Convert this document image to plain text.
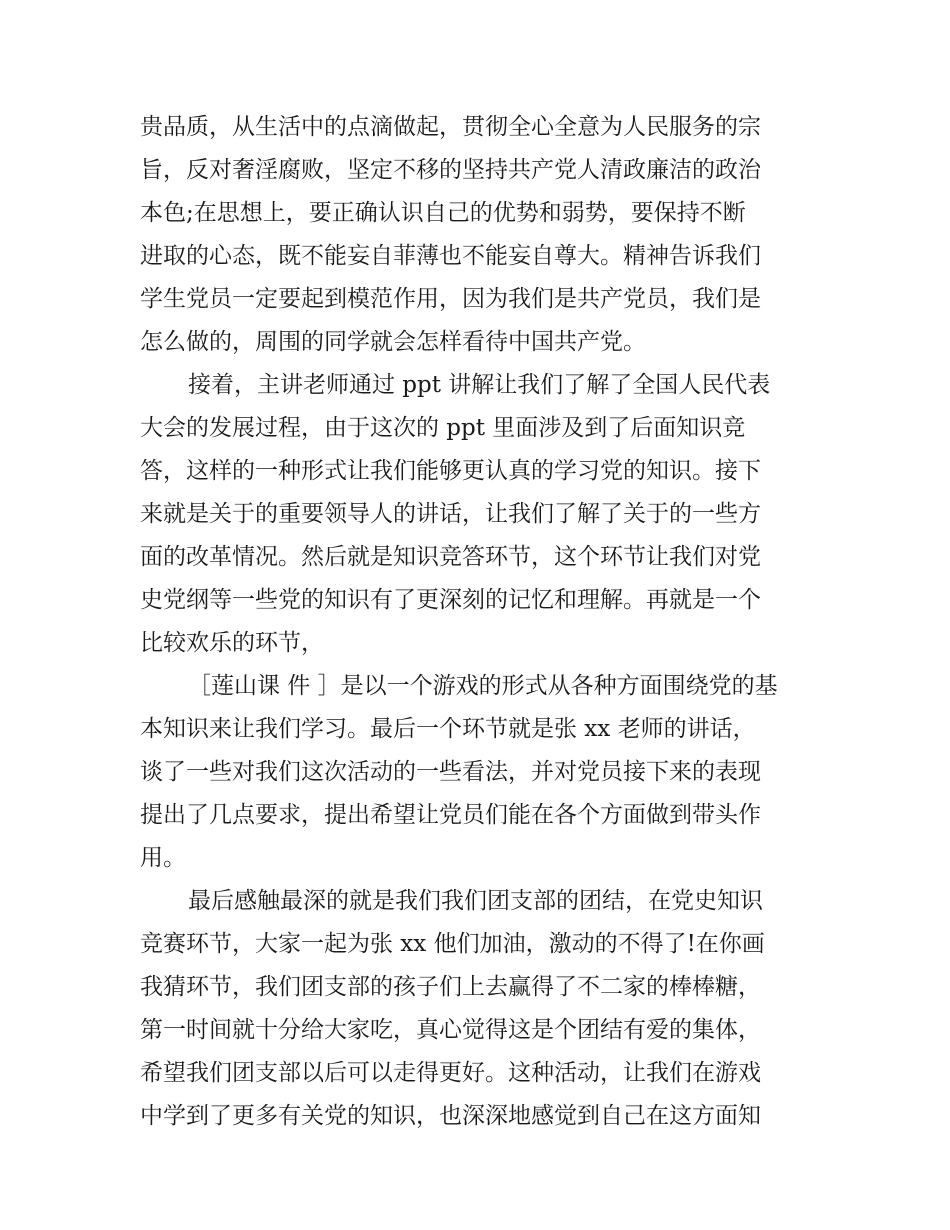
贵品质，从生活中的点滴做起，贯彻全心全意为人民服务的宗
旨，反对奢淫腐败，坚定不移的坚持共产党人清政廉洁的政治
本色;在思想上，要正确认识自己的优势和弱势，要保持不断
进取的心态，既不能妄自菲薄也不能妄自尊大。精神告诉我们
学生党员一定要起到模范作用，因为我们是共产党员，我们是
怎么做的，周围的同学就会怎样看待中国共产党。
接着，主讲老师通过 ppt 讲解让我们了解了全国人民代表
大会的发展过程，由于这次的 ppt 里面涉及到了后面知识竞
答，这样的一种形式让我们能够更认真的学习党的知识。接下
来就是关于的重要领导人的讲话，让我们了解了关于的一些方
面的改革情况。然后就是知识竞答环节，这个环节让我们对党
史党纲等一些党的知识有了更深刻的记忆和理解。再就是一个
比较欢乐的环节，
［莲山课 件 ］是以一个游戏的形式从各种方面围绕党的基
本知识来让我们学习。最后一个环节就是张 xx 老师的讲话，
谈了一些对我们这次活动的一些看法，并对党员接下来的表现
提出了几点要求，提出希望让党员们能在各个方面做到带头作
用。
最后感触最深的就是我们我们团支部的团结，在党史知识
竞赛环节，大家一起为张 xx 他们加油，激动的不得了!在你画
我猜环节，我们团支部的孩子们上去赢得了不二家的棒棒糖，
第一时间就十分给大家吃，真心觉得这是个团结有爱的集体，
希望我们团支部以后可以走得更好。这种活动，让我们在游戏
中学到了更多有关党的知识，也深深地感觉到自己在这方面知
